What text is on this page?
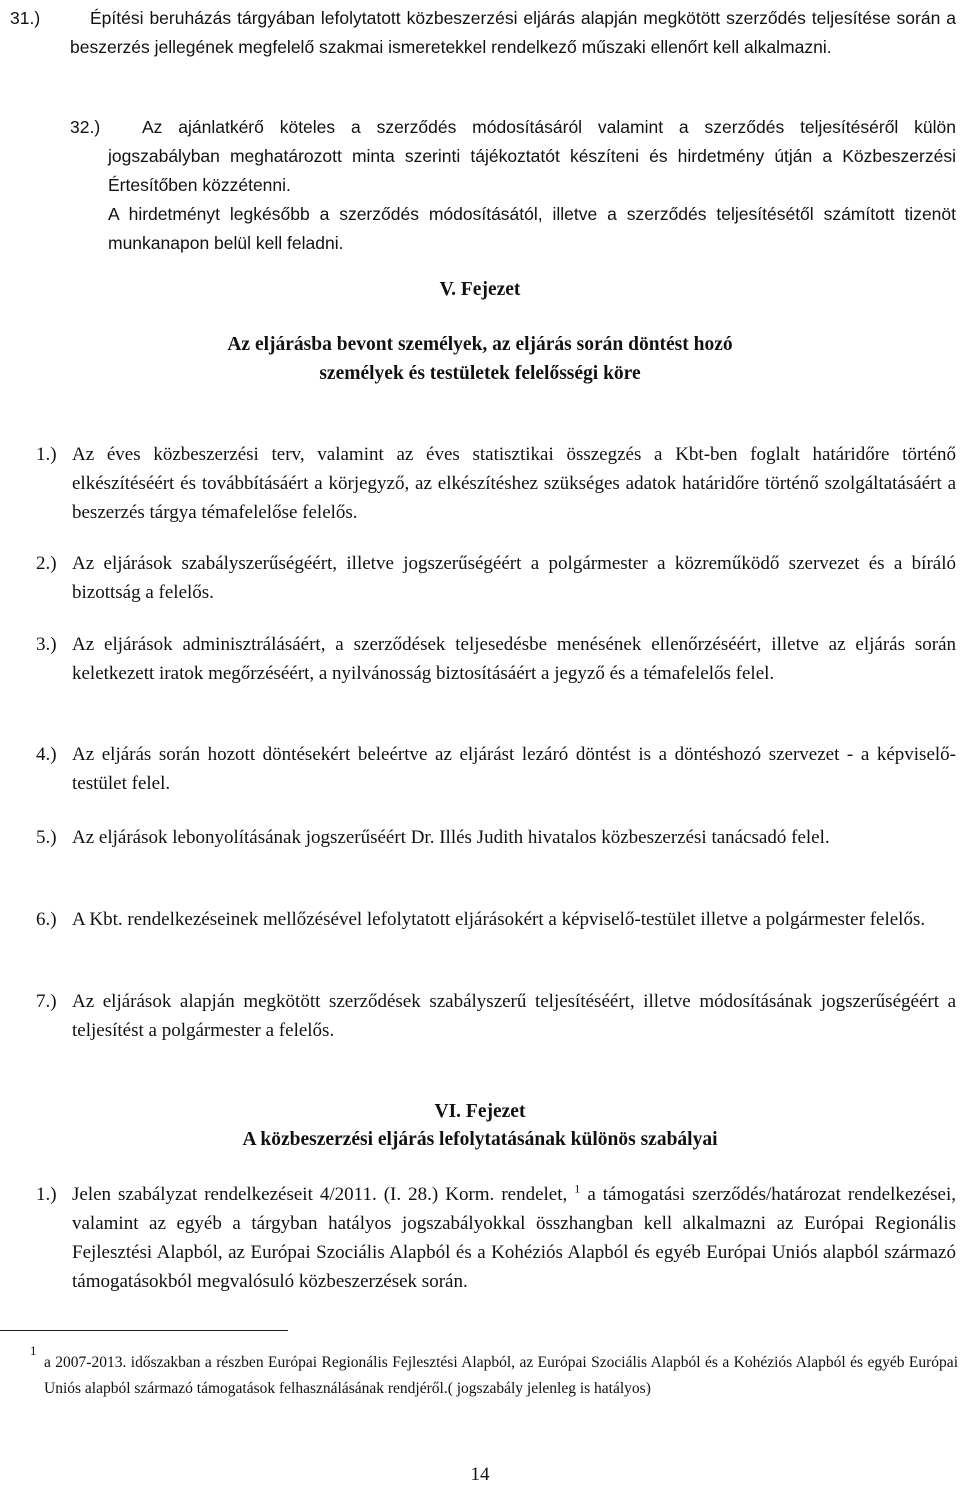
31.)	Építési beruházás tárgyában lefolytatott közbeszerzési eljárás alapján megkötött szerződés teljesítése során a beszerzés jellegének megfelelő szakmai ismeretekkel rendelkező műszaki ellenőrt kell alkalmazni.
32.)	Az ajánlatkérő köteles a szerződés módosításáról valamint a szerződés teljesítéséről külön jogszabályban meghatározott minta szerinti tájékoztatót készíteni és hirdetmény útján a Közbeszerzési Értesítőben közzétenni.
A hirdetményt legkésőbb a szerződés módosításától, illetve a szerződés teljesítésétől számított tizenöt munkanapon belül kell feladni.
V. Fejezet
Az eljárásba bevont személyek, az eljárás során döntést hozó
személyek és testületek felelősségi köre
1.) Az éves közbeszerzési terv, valamint az éves statisztikai összegzés a Kbt-ben foglalt határidőre történő elkészítéséért és továbbításáért a körjegyző, az elkészítéshez szükséges adatok határidőre történő szolgáltatásáért a beszerzés tárgya témafelelőse felelős.
2.) Az eljárások szabályszerűségéért, illetve jogszerűségéért a polgármester a közreműködő szervezet és a bíráló bizottság a felelős.
3.) Az eljárások adminisztrálásáért, a szerződések teljesedésbe menésének ellenőrzéséért, illetve az eljárás során keletkezett iratok megőrzéséért, a nyilvánosság biztosításáért a jegyző és a témafelelős felel.
4.) Az eljárás során hozott döntésekért beleértve az eljárást lezáró döntést is a döntéshozó szervezet - a képviselő-testület felel.
5.) Az eljárások lebonyolításának jogszerűséért Dr. Illés Judith hivatalos közbeszerzési tanácsadó felel.
6.) A Kbt. rendelkezéseinek mellőzésével lefolytatott eljárásokért a képviselő-testület illetve a polgármester felelős.
7.) Az eljárások alapján megkötött szerződések szabályszerű teljesítéséért, illetve módosításának jogszerűségéért a teljesítést a polgármester a felelős.
VI. Fejezet
A közbeszerzési eljárás lefolytatásának különös szabályai
1.) Jelen szabályzat rendelkezéseit 4/2011. (I. 28.) Korm. rendelet, $^1$ a támogatási szerződés/határozat rendelkezései, valamint az egyéb a tárgyban hatályos jogszabályokkal összhangban kell alkalmazni az Európai Regionális Fejlesztési Alapból, az Európai Szociális Alapból és a Kohéziós Alapból és egyéb Európai Uniós alapból származó támogatásokból megvalósuló közbeszerzések során.
1
a 2007-2013. időszakban a részben Európai Regionális Fejlesztési Alapból, az Európai Szociális Alapból és a Kohéziós Alapból és egyéb Európai Uniós alapból származó támogatások felhasználásának rendjéről.( jogszabály jelenleg is hatályos)
14
